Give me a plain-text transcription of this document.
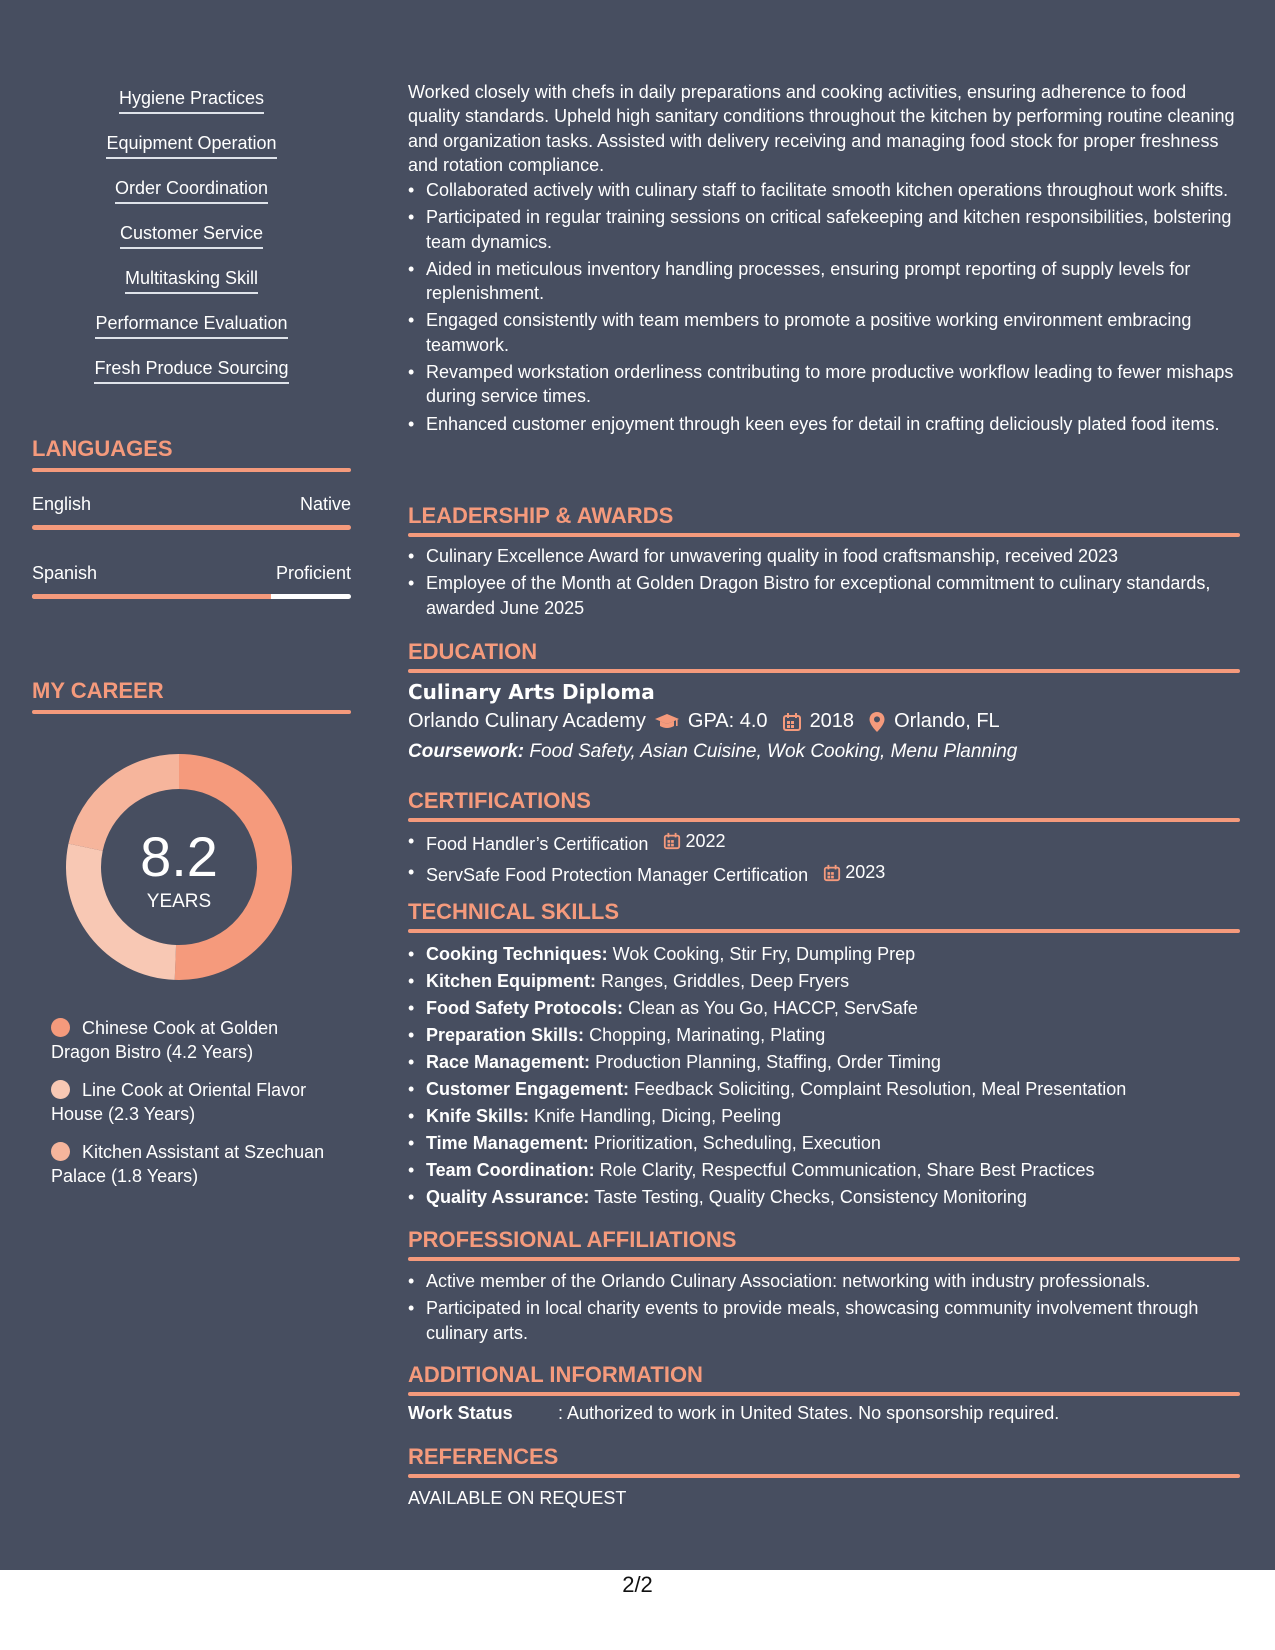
Hygiene Practices
Equipment Operation
Order Coordination
Customer Service
Multitasking Skill
Performance Evaluation
Fresh Produce Sourcing
LANGUAGES
English	Native
Spanish	Proficient
MY CAREER
8.2
YEARS
Chinese Cook at Golden Dragon Bistro (4.2 Years)
Line Cook at Oriental Flavor House (2.3 Years)
Kitchen Assistant at Szechuan Palace (1.8 Years)
Worked closely with chefs in daily preparations and cooking activities, ensuring adherence to food quality standards. Upheld high sanitary conditions throughout the kitchen by performing routine cleaning and organization tasks. Assisted with delivery receiving and managing food stock for proper freshness and rotation compliance.
• Collaborated actively with culinary staff to facilitate smooth kitchen operations throughout work shifts.
• Participated in regular training sessions on critical safekeeping and kitchen responsibilities, bolstering team dynamics.
• Aided in meticulous inventory handling processes, ensuring prompt reporting of supply levels for replenishment.
• Engaged consistently with team members to promote a positive working environment embracing teamwork.
• Revamped workstation orderliness contributing to more productive workflow leading to fewer mishaps during service times.
• Enhanced customer enjoyment through keen eyes for detail in crafting deliciously plated food items.
LEADERSHIP & AWARDS
• Culinary Excellence Award for unwavering quality in food craftsmanship, received 2023
• Employee of the Month at Golden Dragon Bistro for exceptional commitment to culinary standards, awarded June 2025
EDUCATION
Culinary Arts Diploma
Orlando Culinary Academy GPA: 4.0 2018 Orlando, FL
Coursework: Food Safety, Asian Cuisine, Wok Cooking, Menu Planning
CERTIFICATIONS
• Food Handler’s Certification 2022
• ServSafe Food Protection Manager Certification 2023
TECHNICAL SKILLS
• Cooking Techniques: Wok Cooking, Stir Fry, Dumpling Prep
• Kitchen Equipment: Ranges, Griddles, Deep Fryers
• Food Safety Protocols: Clean as You Go, HACCP, ServSafe
• Preparation Skills: Chopping, Marinating, Plating
• Race Management: Production Planning, Staffing, Order Timing
• Customer Engagement: Feedback Soliciting, Complaint Resolution, Meal Presentation
• Knife Skills: Knife Handling, Dicing, Peeling
• Time Management: Prioritization, Scheduling, Execution
• Team Coordination: Role Clarity, Respectful Communication, Share Best Practices
• Quality Assurance: Taste Testing, Quality Checks, Consistency Monitoring
PROFESSIONAL AFFILIATIONS
• Active member of the Orlando Culinary Association: networking with industry professionals.
• Participated in local charity events to provide meals, showcasing community involvement through culinary arts.
ADDITIONAL INFORMATION
Work Status	: Authorized to work in United States. No sponsorship required.
REFERENCES
AVAILABLE ON REQUEST
2/2
